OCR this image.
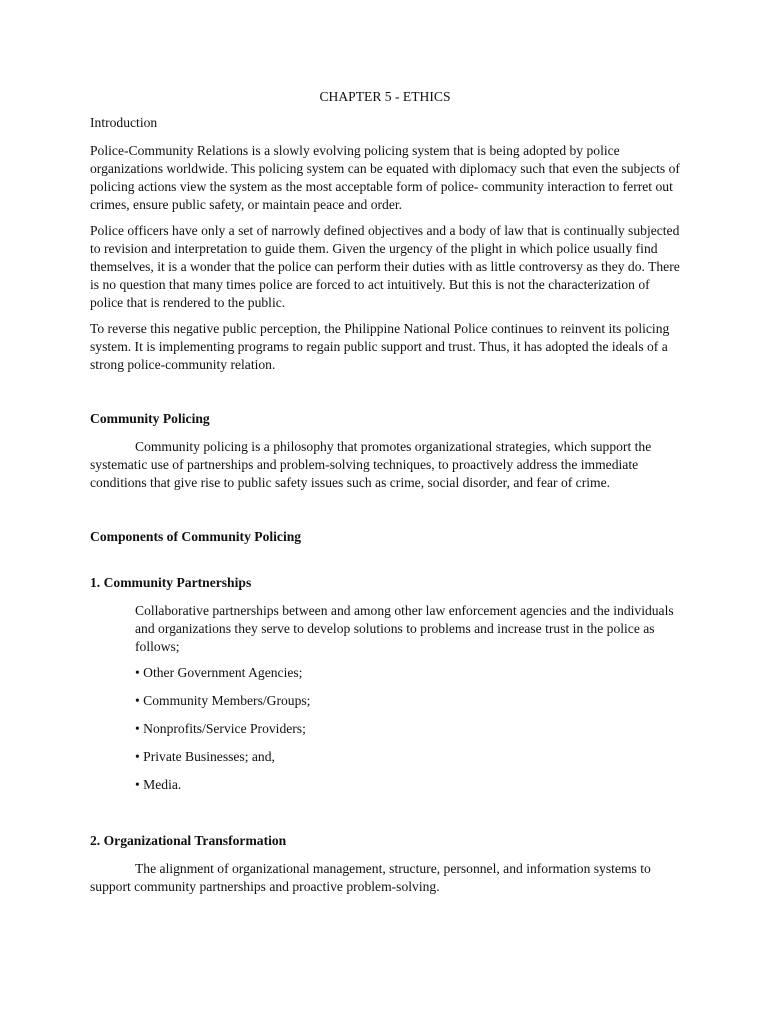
CHAPTER 5 - ETHICS

Introduction

Police-Community Relations is a slowly evolving policing system that is being adopted by police organizations worldwide. This policing system can be equated with diplomacy such that even the subjects of policing actions view the system as the most acceptable form of police- community interaction to ferret out crimes, ensure public safety, or maintain peace and order.

Police officers have only a set of narrowly defined objectives and a body of law that is continually subjected to revision and interpretation to guide them. Given the urgency of the plight in which police usually find themselves, it is a wonder that the police can perform their duties with as little controversy as they do. There is no question that many times police are forced to act intuitively. But this is not the characterization of police that is rendered to the public.

To reverse this negative public perception, the Philippine National Police continues to reinvent its policing system. It is implementing programs to regain public support and trust. Thus, it has adopted the ideals of a strong police-community relation.

Community Policing

Community policing is a philosophy that promotes organizational strategies, which support the systematic use of partnerships and problem-solving techniques, to proactively address the immediate conditions that give rise to public safety issues such as crime, social disorder, and fear of crime.

Components of Community Policing

1. Community Partnerships

Collaborative partnerships between and among other law enforcement agencies and the individuals and organizations they serve to develop solutions to problems and increase trust in the police as follows;

• Other Government Agencies;

• Community Members/Groups;

• Nonprofits/Service Providers;

• Private Businesses; and,

• Media.

2. Organizational Transformation

The alignment of organizational management, structure, personnel, and information systems to support community partnerships and proactive problem-solving.
